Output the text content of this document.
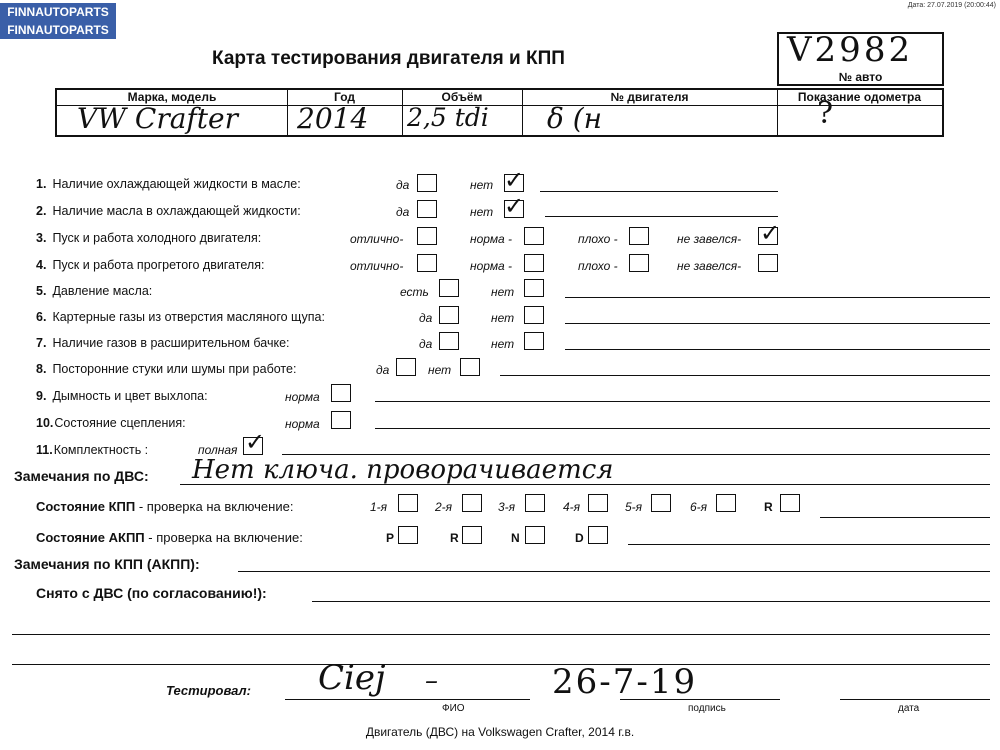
FINNAUTOPARTS
FINNAUTOPARTS
Дата: 27.07.2019 (20:00:44)
Карта тестирования двигателя и КПП	V2982
№ авто
Марка, модель	Год	Объём	№ двигателя	Показание одометра
VW Crafter 2014 2,5 tdi δ (н	?
1. Наличие охлаждающей жидкости в масле:	да	нет ✓
2. Наличие масла в охлаждающей жидкости:	да	нет ✓
3. Пуск и работа холодного двигателя:	отлично-	норма -	плохо -	не завелся- ✓
4. Пуск и работа прогретого двигателя:	отлично-	норма -	плохо -	не завелся-
5. Давление масла:	есть	нет
6. Картерные газы из отверстия масляного щупа:	да	нет
7. Наличие газов в расширительном бачке:	да	нет
8. Посторонние стуки или шумы при работе:	да	нет
9. Дымность и цвет выхлопа:	норма
10.Состояние сцепления:	норма
11.Комплектность :	полная ✓
Замечания по ДВС: Нет ключа. проворачивается
Состояние КПП - проверка на включение:	1-я	2-я	3-я	4-я	5-я	6-я	R
Состояние АКПП - проверка на включение:	P	R	N	D
Замечания по КПП (АКПП):
Снято с ДВС (по согласованию!):
Тестировал: Ciej –	26-7-19
ФИО	подпись	дата
Двигатель (ДВС) на Volkswagen Crafter, 2014 г.в.
